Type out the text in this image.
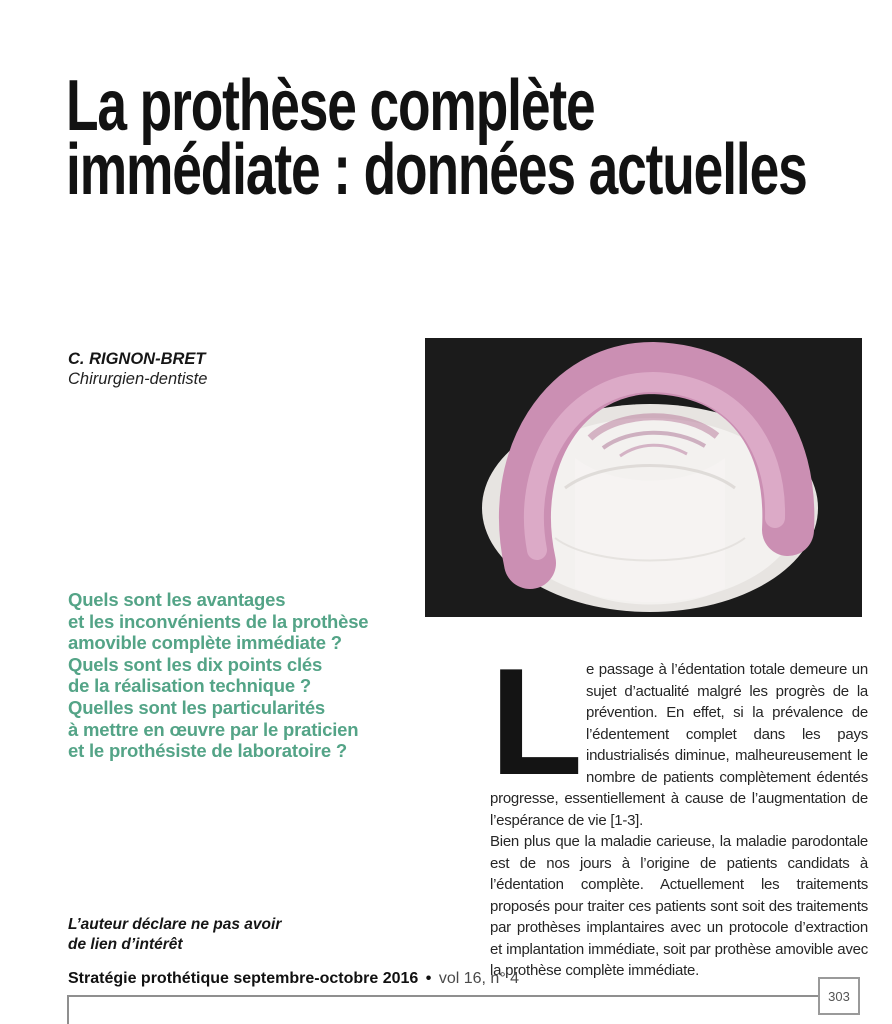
La prothèse complète
immédiate : données actuelles
C. RIGNON-BRET
Chirurgien-dentiste
Quels sont les avantages
et les inconvénients de la prothèse
amovible complète immédiate ?
Quels sont les dix points clés
de la réalisation technique ?
Quelles sont les particularités
à mettre en œuvre par le praticien
et le prothésiste de laboratoire ? L e passage à l’édentation totale demeure un sujet d’actualité malgré les progrès de la prévention. En effet, si la prévalence de l’édentement complet dans les pays industrialisés diminue, malheureusement le nombre de patients complètement édentés progresse, essentiellement à cause de l’augmentation de l’espérance de vie [1-3].

Bien plus que la maladie carieuse, la maladie parodontale est de nos jours à l’origine de patients candidats à l’édentation complète. Actuellement les traitements proposés pour traiter ces patients sont soit des traitements par prothèses implantaires avec un protocole d’extraction et implantation immédiate, soit par prothèse amovible avec la prothèse complète immédiate.

L’auteur déclare ne pas avoir
de lien d’intérêt
Stratégie prothétique septembre-octobre 2016 • vol 16, n° 4
303
